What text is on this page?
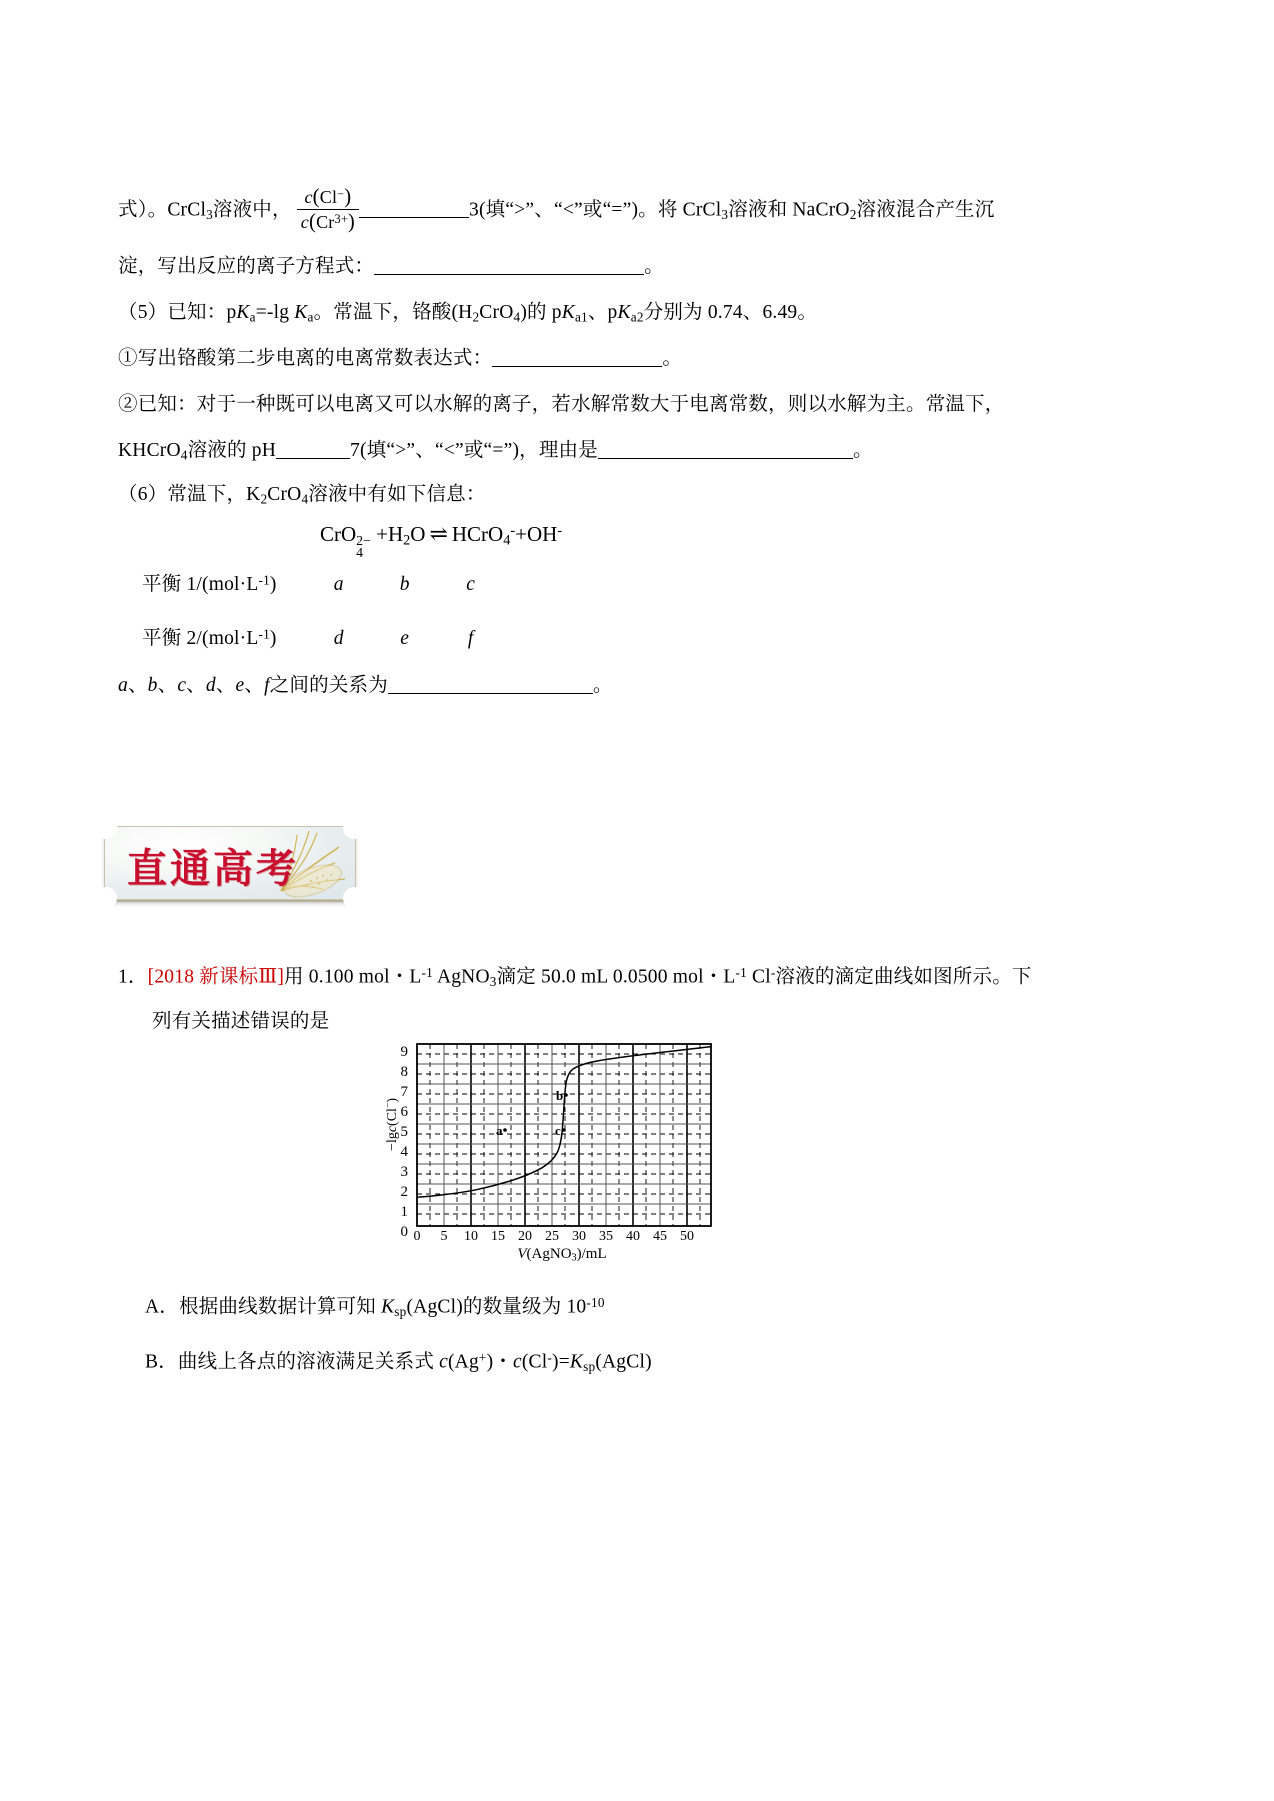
式）。CrCl$_3$溶液中， $\frac{c(Cl^-)}{c(Cr^{3+})}$	3(填“>”、“<”或“=”)。将 CrCl$_3$溶液和 NaCrO$_2$溶液混合产生沉
淀，写出反应的离子方程式：	。
（5）已知：$pK_a=-\lg$ $K_a$。常温下，铬酸$(H_2CrO_4)$的 $pK_{a1}$、$pK_{a2}$分别为 0.74、6.49。
①写出铬酸第二步电离的电离常数表达式：	。
②已知：对于一种既可以电离又可以水解的离子，若水解常数大于电离常数，则以水解为主。常温下，
KHCrO$_4$溶液的 pH	7(填“>”、“<”或“=”)，理由是	。
（6）常温下，$K_2CrO_4$溶液中有如下信息：
CrO 2−
4
$+H_2O$ ⇌ HCrO$_4$-+OH-
平衡 $1/(mol\cdot L^{-1})$	a	b	c
平衡 $2/(mol\cdot L^{-1})$	d	e	f
a、b、c、d、e、f之间的关系为	。
直通高考
1．[2018 新课标Ⅲ]用 0.100 mol・$L^{-1}$ AgNO$_3$滴定 50.0 mL 0.0500 mol・$L^{-1}$ Cl-溶液的滴定曲线如图所示。下
列有关描述错误的是
−lgc(Cl−)
9
8
7
6
5
4
3
2
1
0
a
b
c
0	5	10 15 20 25 30 35 40 45 50
V(AgNO$_3$)/mL
A．根据曲线数据计算可知 $K_{sp}(AgCl)$的数量级为 $10^{-10}$
B．曲线上各点的溶液满足关系式 c(Ag+)・$c(Cl^-)=K_{sp}(AgCl)$
